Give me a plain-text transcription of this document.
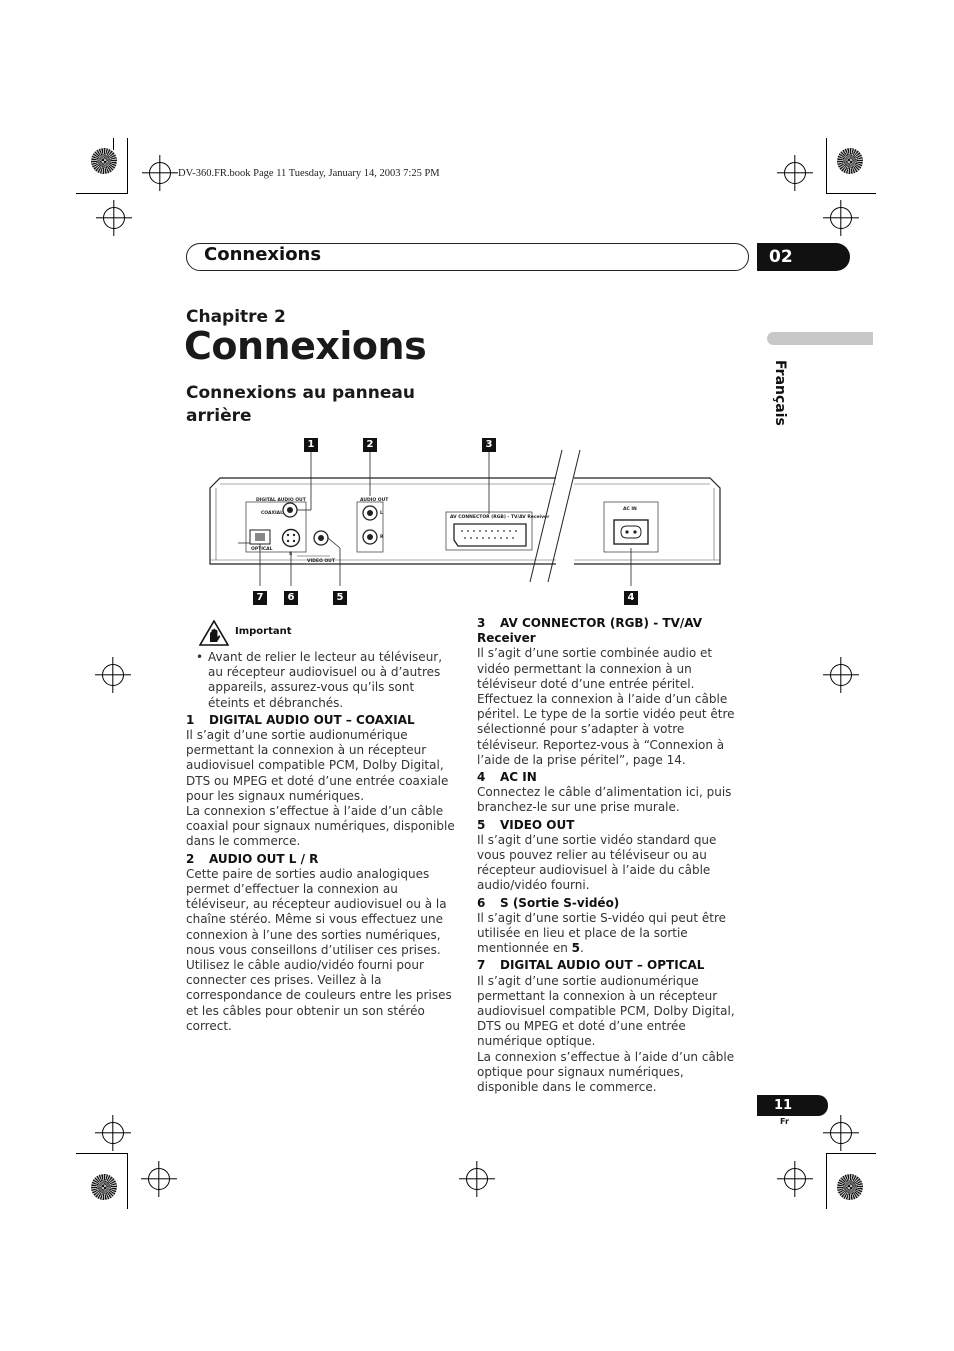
DV-360.FR.book Page 11 Tuesday, January 14, 2003 7:25 PM
Connexions	02
Français
Chapitre 2
Connexions
Connexions au panneau arrière
1	2	3
7	6	5	4
DIGITAL AUDIO OUT
COAXIAL
OPTICAL
S
VIDEO OUT
AUDIO OUT
L
R
AV CONNECTOR (RGB) - TV/AV Receiver
AC IN
Important
• Avant de relier le lecteur au téléviseur, au récepteur audiovisuel ou à d’autres appareils, assurez-vous qu’ils sont éteints et débranchés.

1 DIGITAL AUDIO OUT – COAXIAL

Il s’agit d’une sortie audionumérique permettant la connexion à un récepteur audiovisuel compatible PCM, Dolby Digital, DTS ou MPEG et doté d’une entrée coaxiale pour les signaux numériques.

La connexion s’effectue à l’aide d’un câble coaxial pour signaux numériques, disponible dans le commerce.

2 AUDIO OUT L / R

Cette paire de sorties audio analogiques permet d’effectuer la connexion au téléviseur, au récepteur audiovisuel ou à la chaîne stéréo. Même si vous effectuez une connexion à l’une des sorties numériques, nous vous conseillons d’utiliser ces prises.

Utilisez le câble audio/vidéo fourni pour connecter ces prises. Veillez à la correspondance de couleurs entre les prises et les câbles pour obtenir un son stéréo correct.

3 AV CONNECTOR (RGB) - TV/AV Receiver

Il s’agit d’une sortie combinée audio et vidéo permettant la connexion à un téléviseur doté d’une entrée péritel. Effectuez la connexion à l’aide d’un câble péritel. Le type de la sortie vidéo peut être sélectionné pour s’adapter à votre téléviseur. Reportez-vous à “Connexion à l’aide de la prise péritel”, page 14.

4 AC IN

Connectez le câble d’alimentation ici, puis branchez-le sur une prise murale.

5 VIDEO OUT

Il s’agit d’une sortie vidéo standard que vous pouvez relier au téléviseur ou au récepteur audiovisuel à l’aide du câble audio/vidéo fourni.

6 S (Sortie S-vidéo)

Il s’agit d’une sortie S-vidéo qui peut être utilisée en lieu et place de la sortie mentionnée en 5.

7 DIGITAL AUDIO OUT – OPTICAL

Il s’agit d’une sortie audionumérique permettant la connexion à un récepteur audiovisuel compatible PCM, Dolby Digital, DTS ou MPEG et doté d’une entrée numérique optique.

La connexion s’effectue à l’aide d’un câble optique pour signaux numériques, disponible dans le commerce.

11
Fr
